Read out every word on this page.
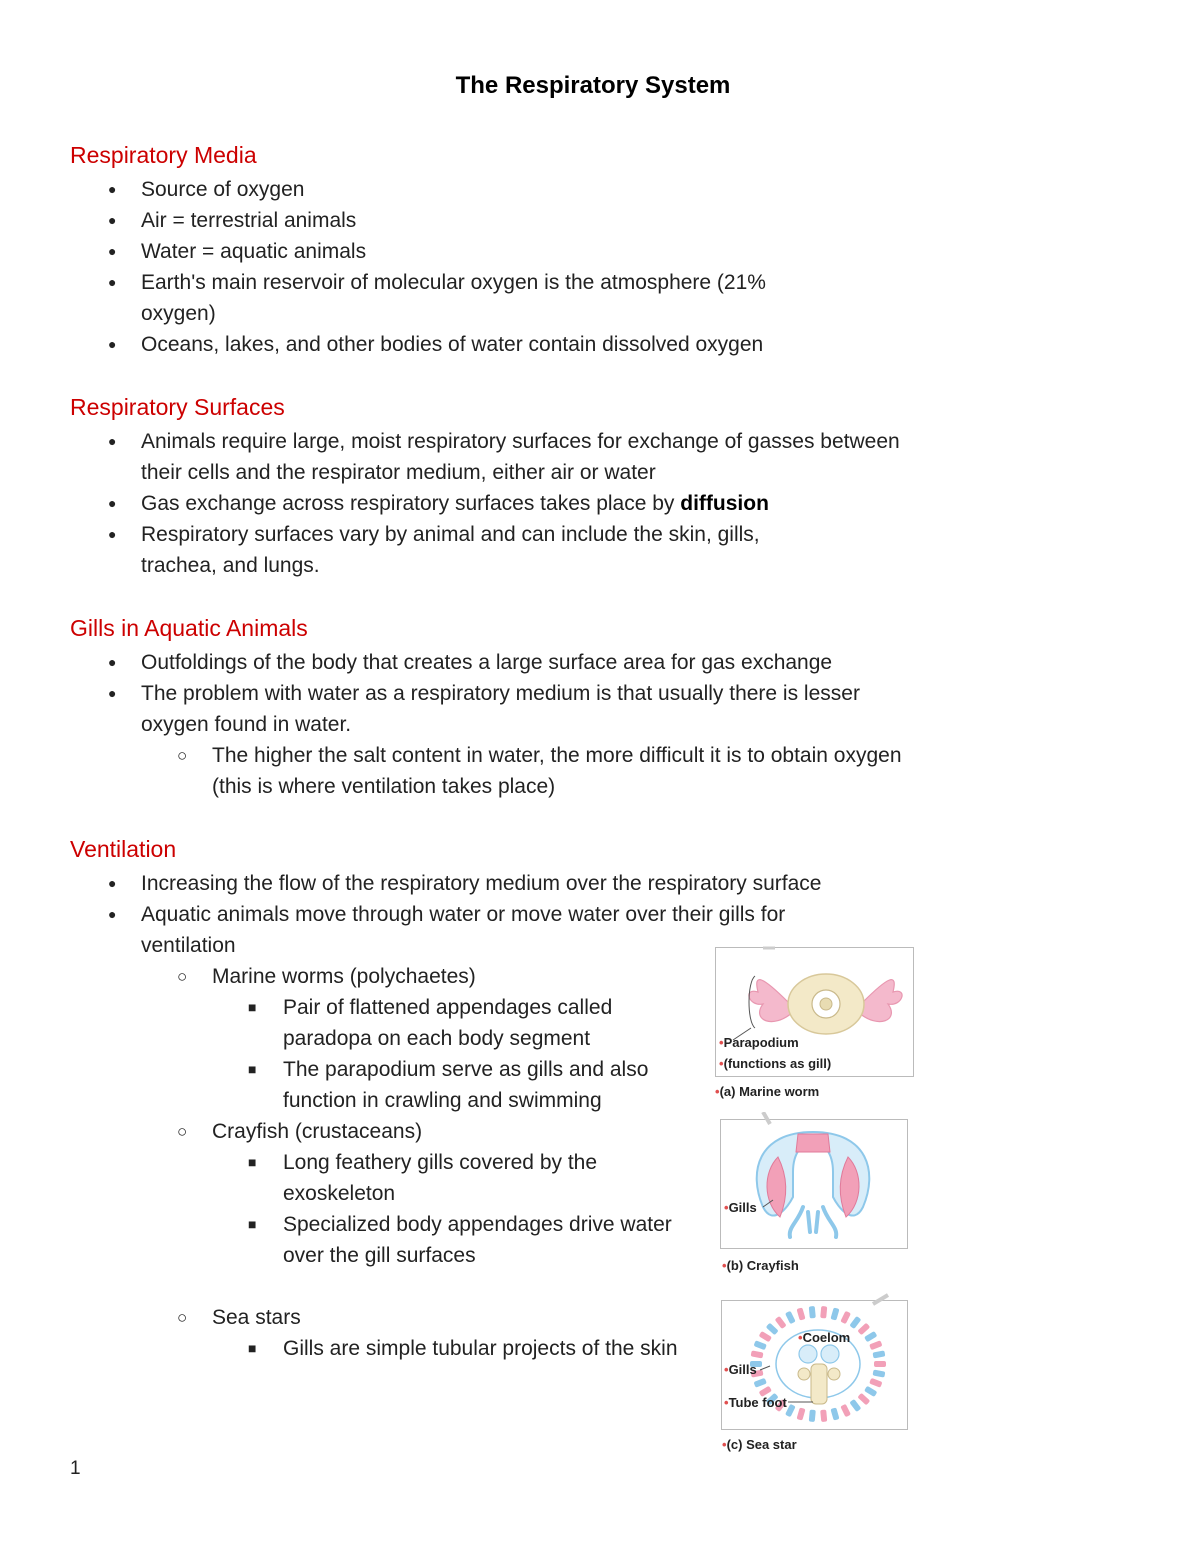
The Respiratory System
Respiratory Media
● Source of oxygen
● Air = terrestrial animals
● Water = aquatic animals
● Earth's main reservoir of molecular oxygen is the atmosphere (21% oxygen)
● Oceans, lakes, and other bodies of water contain dissolved oxygen
Respiratory Surfaces
● Animals require large, moist respiratory surfaces for exchange of gasses between their cells and the respirator medium, either air or water
● Gas exchange across respiratory surfaces takes place by diffusion
● Respiratory surfaces vary by animal and can include the skin, gills, trachea, and lungs.
Gills in Aquatic Animals
● Outfoldings of the body that creates a large surface area for gas exchange
● The problem with water as a respiratory medium is that usually there is lesser oxygen found in water.
○ The higher the salt content in water, the more difficult it is to obtain oxygen (this is where ventilation takes place)
Ventilation
● Increasing the flow of the respiratory medium over the respiratory surface
● Aquatic animals move through water or move water over their gills for ventilation
○ Marine worms (polychaetes)
■ Pair of flattened appendages called paradopa on each body segment
■ The parapodium serve as gills and also function in crawling and swimming
○ Crayfish (crustaceans)
■ Long feathery gills covered by the exoskeleton
■ Specialized body appendages drive water over the gill surfaces
○ Sea stars
■ Gills are simple tubular projects of the skin
•Parapodium
•(functions as gill)
•(a) Marine worm
•Gills
•(b) Crayfish
•Coelom
•Gills
•Tube foot
•(c) Sea star
1
